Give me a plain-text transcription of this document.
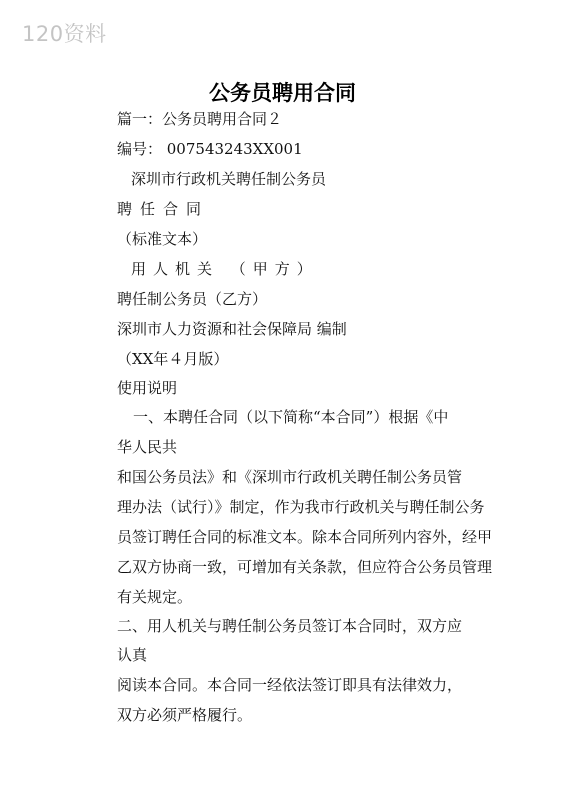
120资料
公务员聘用合同
篇一：公务员聘用合同２
编号： 007543243XX001
深圳市行政机关聘任制公务员
聘任合同
（标准文本）
用人机关 （甲方）
聘任制公务员（乙方）
深圳市人力资源和社会保障局 编制
（XX年４月版）
使用说明
一、本聘任合同（以下简称“本合同”）根据《中
华人民共
和国公务员法》和《深圳市行政机关聘任制公务员管
理办法（试行）》制定，作为我市行政机关与聘任制公务
员签订聘任合同的标准文本。除本合同所列内容外，经甲
乙双方协商一致，可增加有关条款，但应符合公务员管理
有关规定。
二、用人机关与聘任制公务员签订本合同时，双方应
认真
阅读本合同。本合同一经依法签订即具有法律效力，
双方必须严格履行。
